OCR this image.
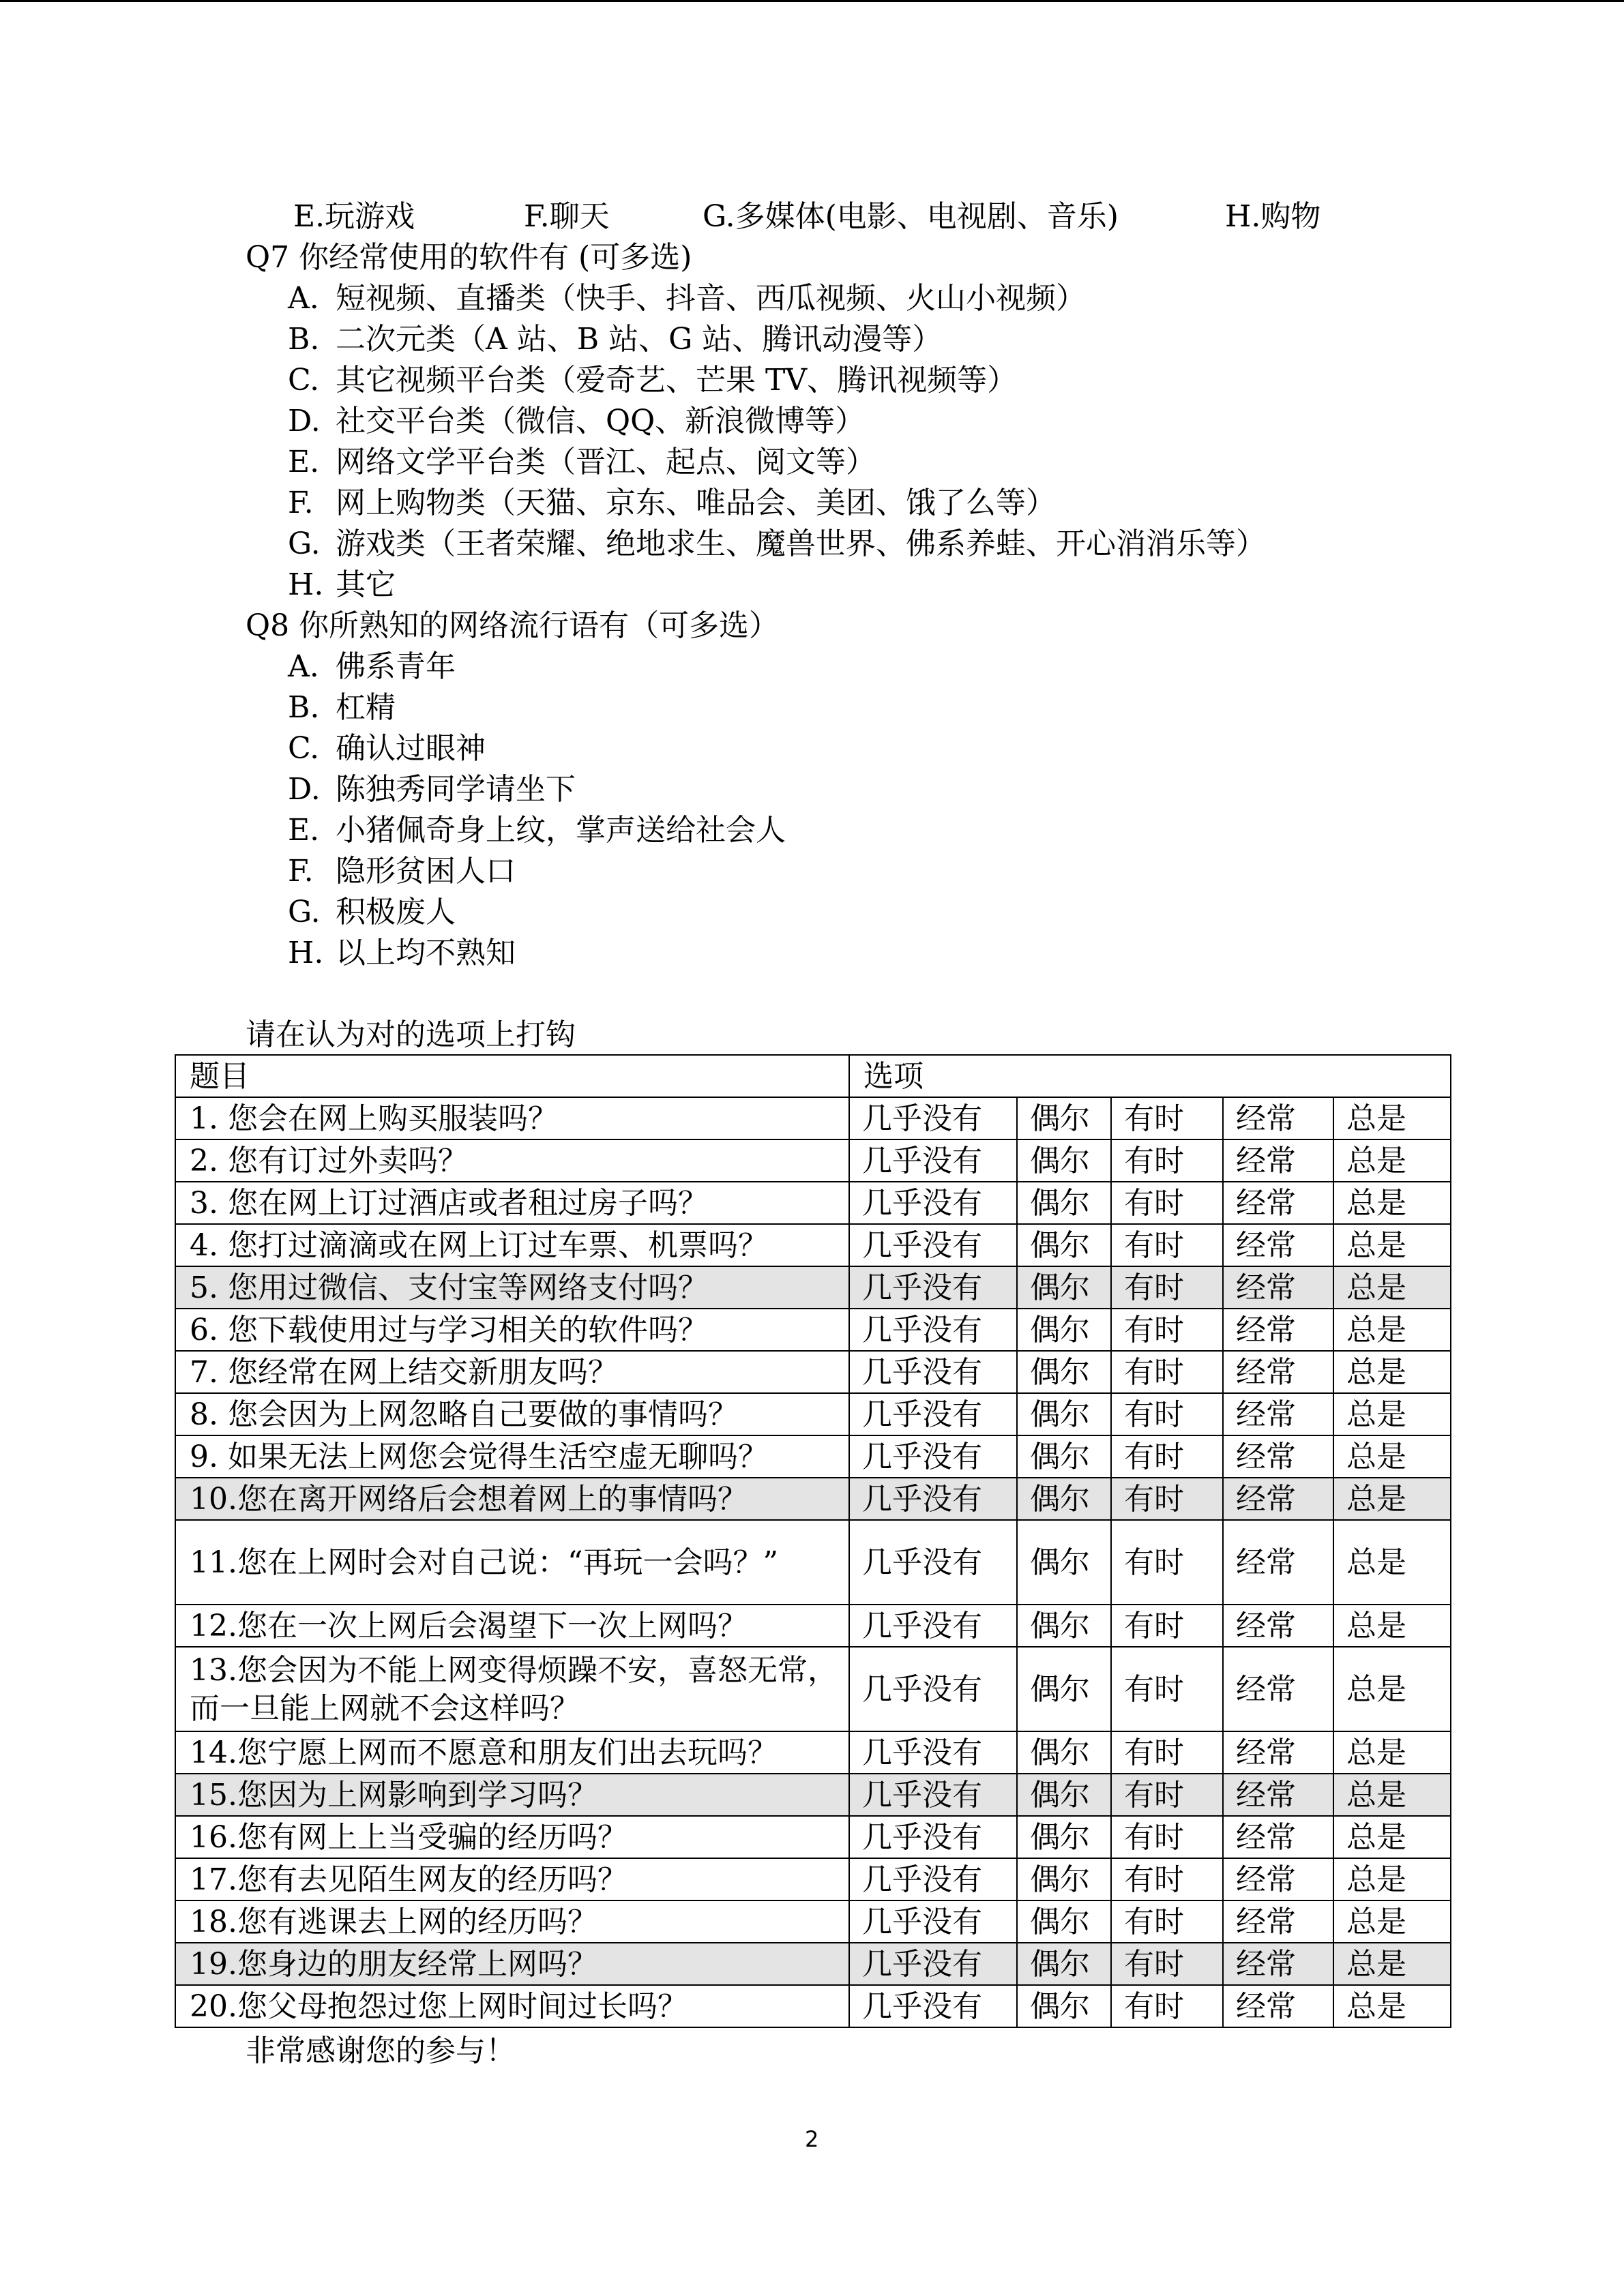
E.玩游戏	F.聊天	G.多媒体(电影、电视剧、音乐)	H.购物
Q7 你经常使用的软件有 (可多选)
A. 短视频、直播类（快手、抖音、西瓜视频、火山小视频）
B. 二次元类（A 站、B 站、G 站、腾讯动漫等）
C. 其它视频平台类（爱奇艺、芒果 TV、腾讯视频等）
D. 社交平台类（微信、QQ、新浪微博等）
E. 网络文学平台类（晋江、起点、阅文等）
F. 网上购物类（天猫、京东、唯品会、美团、饿了么等）
G. 游戏类（王者荣耀、绝地求生、魔兽世界、佛系养蛙、开心消消乐等）
H. 其它
Q8 你所熟知的网络流行语有（可多选）
A. 佛系青年
B. 杠精
C. 确认过眼神
D. 陈独秀同学请坐下
E. 小猪佩奇身上纹，掌声送给社会人
F. 隐形贫困人口
G. 积极废人
H. 以上均不熟知
请在认为对的选项上打钩
题目	选项				
1. 您会在网上购买服装吗？	几乎没有	偶尔	有时	经常	总是
2. 您有订过外卖吗？	几乎没有	偶尔	有时	经常	总是
3. 您在网上订过酒店或者租过房子吗？	几乎没有	偶尔	有时	经常	总是
4. 您打过滴滴或在网上订过车票、机票吗？	几乎没有	偶尔	有时	经常	总是
5. 您用过微信、支付宝等网络支付吗？	几乎没有	偶尔	有时	经常	总是
6. 您下载使用过与学习相关的软件吗？	几乎没有	偶尔	有时	经常	总是
7. 您经常在网上结交新朋友吗？	几乎没有	偶尔	有时	经常	总是
8. 您会因为上网忽略自己要做的事情吗？	几乎没有	偶尔	有时	经常	总是
9. 如果无法上网您会觉得生活空虚无聊吗？	几乎没有	偶尔	有时	经常	总是
10.您在离开网络后会想着网上的事情吗？	几乎没有	偶尔	有时	经常	总是
11.您在上网时会对自己说：“再玩一会吗？”	几乎没有	偶尔	有时	经常	总是
12.您在一次上网后会渴望下一次上网吗？	几乎没有	偶尔	有时	经常	总是
13.您会因为不能上网变得烦躁不安，喜怒无常，而一旦能上网就不会这样吗？	几乎没有	偶尔	有时	经常	总是
14.您宁愿上网而不愿意和朋友们出去玩吗？	几乎没有	偶尔	有时	经常	总是
15.您因为上网影响到学习吗？	几乎没有	偶尔	有时	经常	总是
16.您有网上上当受骗的经历吗？	几乎没有	偶尔	有时	经常	总是
17.您有去见陌生网友的经历吗？	几乎没有	偶尔	有时	经常	总是
18.您有逃课去上网的经历吗？	几乎没有	偶尔	有时	经常	总是
19.您身边的朋友经常上网吗？	几乎没有	偶尔	有时	经常	总是
20.您父母抱怨过您上网时间过长吗？	几乎没有	偶尔	有时	经常	总是
非常感谢您的参与！
2
